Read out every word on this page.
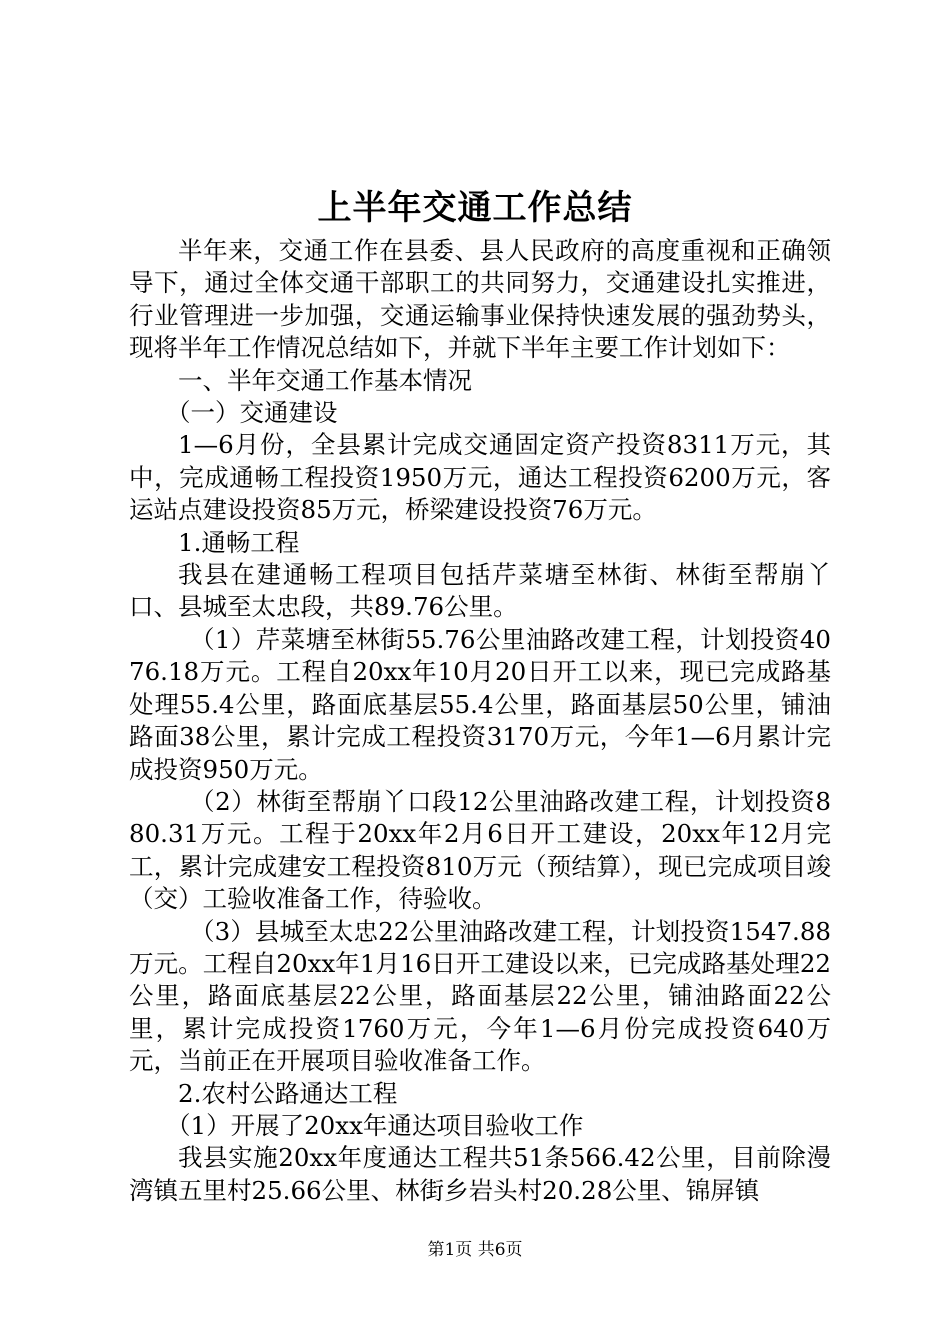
上半年交通工作总结

半年来，交通工作在县委、县人民政府的高度重视和正确领导下，通过全体交通干部职工的共同努力，交通建设扎实推进，行业管理进一步加强，交通运输事业保持快速发展的强劲势头，现将半年工作情况总结如下，并就下半年主要工作计划如下：

一、半年交通工作基本情况

（一）交通建设

1—6月份，全县累计完成交通固定资产投资8311万元，其中，完成通畅工程投资1950万元，通达工程投资6200万元，客运站点建设投资85万元，桥梁建设投资76万元。

1.通畅工程

我县在建通畅工程项目包括芹菜塘至林街、林街至帮崩丫口、县城至太忠段，共89.76公里。

（1）芹菜塘至林街55.76公里油路改建工程，计划投资4076.18万元。工程自20xx年10月20日开工以来，现已完成路基处理55.4公里，路面底基层55.4公里，路面基层50公里，铺油路面38公里，累计完成工程投资3170万元，今年1—6月累计完成投资950万元。

（2）林街至帮崩丫口段12公里油路改建工程，计划投资880.31万元。工程于20xx年2月6日开工建设，20xx年12月完工，累计完成建安工程投资810万元（预结算），现已完成项目竣（交）工验收准备工作，待验收。

（3）县城至太忠22公里油路改建工程，计划投资1547.88万元。工程自20xx年1月16日开工建设以来，已完成路基处理22公里，路面底基层22公里，路面基层22公里，铺油路面22公里，累计完成投资1760万元，今年1—6月份完成投资640万元，当前正在开展项目验收准备工作。

2.农村公路通达工程

（1）开展了20xx年通达项目验收工作

我县实施20xx年度通达工程共51条566.42公里，目前除漫湾镇五里村25.66公里、林街乡岩头村20.28公里、锦屏镇

第1页 共6页
